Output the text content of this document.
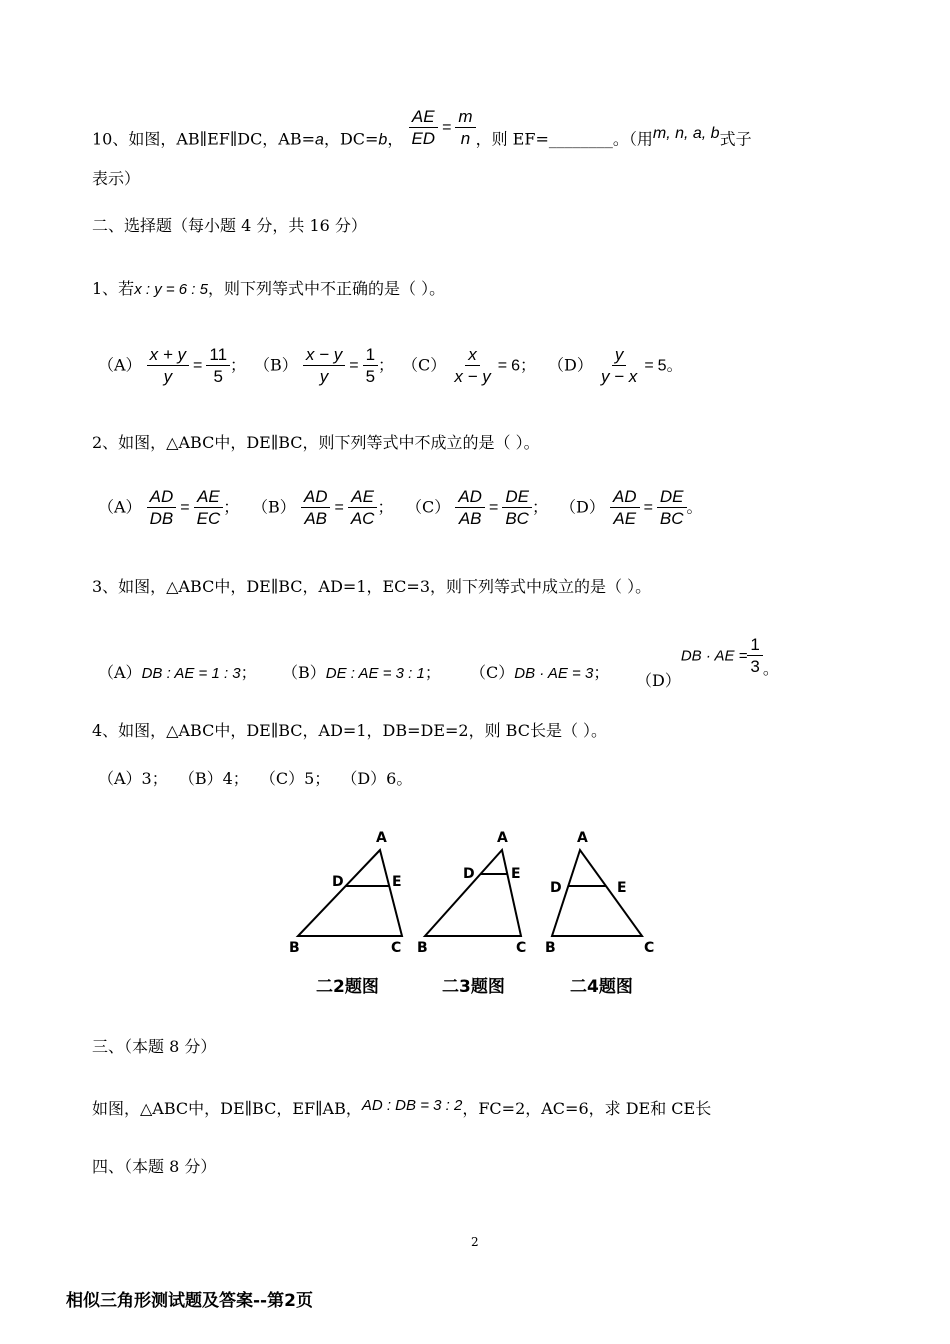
10、如图，AB∥EF∥DC，AB=a，DC=b， $\frac{AE}{ED} = \frac{m}{n}$ ，则 EF=________。（用m, n, a, b式子
表示）
二、选择题（每小题 4 分，共 16 分）
1、若x : y = 6 : 5，则下列等式中不正确的是（ ）。
$(A) \frac{x + y}{y} = \frac{11}{5}$ ； $(B) \frac{x - y}{y} = \frac{1}{5}$ ； $(C) \frac{x}{x - y} = 6$； $(D) \frac{y}{y - x} = 5$。
2、如图，△ABC中，DE∥BC，则下列等式中不成立的是（ ）。
$(A) \frac{AD}{DB} = \frac{AE}{EC}$ ； $(B) \frac{AD}{AB} = \frac{AE}{AC}$ ； $(C) \frac{AD}{AB} = \frac{DE}{BC}$ ； $(D) \frac{AD}{AE} = \frac{DE}{BC}$ 。
3、如图，△ABC中，DE∥BC，AD=1，EC=3，则下列等式中成立的是（ ）。
（A）DB : AE = 1 : 3； （B）DE : AE = 3 : 1； （C）DB · AE = 3； （D）DB · AE = $\frac{1}{3}$ 。
4、如图，△ABC中，DE∥BC，AD=1，DB=DE=2，则 BC长是（ ）。
（A）3； （B）4； （C）5； （D）6。
A
D	E
B	C
A
D	E
B	C
A
D	E
B	C
二2题图	二3题图	二4题图
三、（本题 8 分）
如图，△ABC中，DE∥BC，EF∥AB，AD : DB = 3 : 2，FC=2，AC=6，求 DE和 CE长
四、（本题 8 分）
2
相似三角形测试题及答案--第2页
